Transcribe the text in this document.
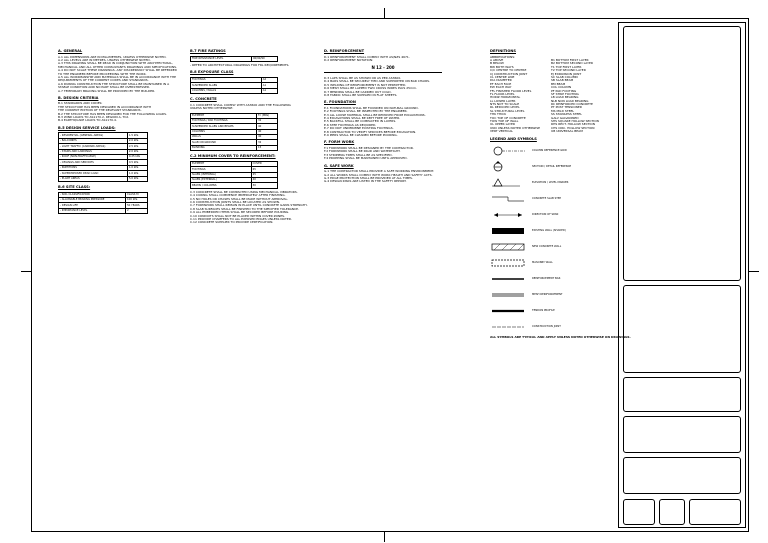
A. GENERAL
A.1 ALL DIMENSIONS ARE IN MILLIMETRES, UNLESS OTHERWISE NOTED.
A.2 ALL LEVELS ARE IN METRES, UNLESS OTHERWISE NOTED.
A.3 THIS DRAWING SHALL BE READ IN CONJUNCTION WITH ARCHITECTURAL,
MECHANICAL AND ALL OTHER CONSULTANTS DRAWINGS AND SPECIFICATIONS.
A.4 DO NOT SCALE THESE DRAWINGS. ANY DISCREPANCY SHALL BE REFERRED
TO THE ENGINEER BEFORE PROCEEDING WITH THE WORK.
A.5 ALL WORKMANSHIP AND MATERIALS SHALL BE IN ACCORDANCE WITH THE
REQUIREMENTS OF THE CURRENT CODES AND STANDARDS.
A.6 DURING CONSTRUCTION THE STRUCTURE SHALL BE MAINTAINED IN A
STABLE CONDITION AND NO PART SHALL BE OVERSTRESSED.
A.7 TEMPORARY BRACING SHALL BE PROVIDED BY THE BUILDER.
B. DESIGN CRITERIA
B.1 STANDARDS AND CODES:
THE STRUCTURE HAS BEEN DESIGNED IN ACCORDANCE WITH
THE CURRENT EDITION OF THE RELEVANT STANDARDS.
B.2 THE STRUCTURE HAS BEEN DESIGNED FOR THE FOLLOWING LOADS.
B.3 WIND LOADS TO AS1170.2, REGION A, TC2.
B.4 EARTHQUAKE LOADS TO AS1170.4.
B.5 DESIGN SERVICE LOADS:
- RESIDENTIAL (GENERAL AREAS)	1.5 kPa
- BALCONIES	2.0 kPa
- LIGHT TRAFFIC (CARPARK AREAS)	2.5 kPa
- STAIRS AND LANDINGS	2.0 kPa
- ROOF (NON-TRAFFICABLE)	0.25 kPa
- CEILINGS AND SERVICES	0.5 kPa
- PARTITIONS	1.0 kPa
- SUPERIMPOSED DEAD LOAD	1.0 kPa
- PLANT AREAS	5.0 kPa
B.6 SITE CLASS:
- SOIL CLASSIFICATION	CLASS M
- ALLOWABLE BEARING PRESSURE	100 kPa
- DESIGN LIFE	50 YEARS
- IMPORTANCE LEVEL	2
B.7 FIRE RATINGS
FIRE RESISTANCE LEVEL	90/90/90
- REFER TO ARCHITECTURAL DRAWINGS FOR FRL REQUIREMENTS.
B.8 EXPOSURE CLASS
FOOTINGS	A2
SUSPENDED SLABS	A1
COLUMNS / WALLS	A1
C. CONCRETE
C.1 CONCRETE SHALL COMPLY WITH AS3600 AND THE FOLLOWING
UNLESS NOTED OTHERWISE:
ELEMENT	f'c (MPa)
FOOTINGS / PAD FOOTINGS	32
SUSPENDED SLABS AND BEAMS	40
COLUMNS	40
WALLS	40
SLAB ON GROUND	32
BLINDING	15
C.2 MINIMUM COVER TO REINFORCEMENT:
ELEMENT	COVER
FOOTINGS	65
SLABS (INTERNAL)	25
SLABS (EXTERNAL)	40
BEAMS / COLUMNS	30
C.3 CONCRETE SHALL BE COMPACTED USING MECHANICAL VIBRATORS.
C.4 CURING SHALL COMMENCE IMMEDIATELY AFTER FINISHING.
C.5 NO HOLES OR CHASES SHALL BE MADE WITHOUT APPROVAL.
C.6 CONSTRUCTION JOINTS SHALL BE LOCATED AS SHOWN.
C.7 FORMWORK SHALL REMAIN IN PLACE UNTIL CONCRETE GAINS STRENGTH.
C.8 SLAB SURFACES SHALL BE FINISHED TO THE SPECIFIED TOLERANCE.
C.9 ALL EMBEDDED ITEMS SHALL BE SECURED BEFORE POURING.
C.10 CONDUITS SHALL NOT BE PLACED WITHIN COVER ZONES.
C.11 PROVIDE CHAMFERS TO ALL EXPOSED EDGES UNLESS NOTED.
C.12 CONCRETE SUPPLIER TO PROVIDE CERTIFICATION.
D. REINFORCEMENT
D.1 REINFORCEMENT SHALL COMPLY WITH AS/NZS 4671.
D.2 REINFORCEMENT NOTATION:
N 12 - 200
D.3 LAPS SHALL BE AS SHOWN OR AS PER AS3600.
D.4 BARS SHALL BE SECURELY TIED AND SUPPORTED ON BAR CHAIRS.
D.5 WELDING OF REINFORCEMENT IS NOT PERMITTED.
D.6 MESH SHALL BE LAPPED TWO CROSS WIRES PLUS 25mm.
D.7 BENDING SHALL BE CARRIED OUT COLD.
D.8 FABRIC SHALL BE SUPPLIED IN FLAT SHEETS.
E. FOUNDATION
E.1 FOUNDATIONS SHALL BE FOUNDED ON NATURAL GROUND.
E.2 FOOTINGS SHALL BE INSPECTED BY THE ENGINEER.
E.3 ALL LOOSE MATERIAL SHALL BE REMOVED FROM EXCAVATIONS.
E.4 EXCAVATIONS SHALL BE KEPT FREE OF WATER.
E.5 BACKFILL SHALL BE COMPACTED IN LAYERS.
E.6 STEP FOOTINGS AS REQUIRED.
E.7 DO NOT UNDERMINE EXISTING FOOTINGS.
E.8 CONTRACTOR TO VERIFY SERVICES BEFORE EXCAVATION.
E.9 PIERS SHALL BE CLEANED BEFORE POURING.
F. FORM WORK
F.1 FORMWORK SHALL BE DESIGNED BY THE CONTRACTOR.
F.2 FORMWORK SHALL BE RIGID AND WATERTIGHT.
F.3 STRIPPING TIMES SHALL BE AS SPECIFIED.
F.4 PROPPING SHALL BE MAINTAINED UNTIL APPROVED.
G. SAFE WORK
G.1 THE CONTRACTOR SHALL PROVIDE A SAFE WORKING ENVIRONMENT.
G.2 ALL WORKS SHALL COMPLY WITH WORK HEALTH AND SAFETY ACTS.
G.3 EDGE PROTECTION SHALL BE PROVIDED AT ALL TIMES.
G.4 DESIGN RISKS ARE LISTED IN THE SAFETY REPORT.
DEFINITIONS
ABBREVIATIONS:
A ABOVE
B BELOW
BW BOTH WAYS
C/C CENTRE TO CENTRE
CJ CONSTRUCTION JOINT
CL CENTRE LINE
DIA DIAMETER
EF EACH FACE
EW EACH WAY
FFL FINISHED FLOOR LEVEL
FL FLOOR LEVEL
HORIZ HORIZONTAL
LL LOWER LAYER
NTS NOT TO SCALE
RL REDUCED LEVEL
SL STRUCTURAL LEVEL
THK THICK
TOC TOP OF CONCRETE
TOW TOP OF WALL
UL UPPER LAYER
UNO UNLESS NOTED OTHERWISE
VERT VERTICAL
B1 BOTTOM FIRST LAYER
B2 BOTTOM SECOND LAYER
T1 TOP FIRST LAYER
T2 TOP SECOND LAYER
EJ EXPANSION JOINT
SC SLAB COLUMN
SB SLAB BEAM
BM BEAM
COL COLUMN
PF PAD FOOTING
SF STRIP FOOTING
LB LOAD BEARING
NLB NON LOAD BEARING
RC REINFORCED CONCRETE
PT POST TENSIONED
MS MILD STEEL
SS STAINLESS STEEL
GALV GALVANISED
SHS SQUARE HOLLOW SECTION
RHS RECT. HOLLOW SECTION
CHS CIRC. HOLLOW SECTION
UB UNIVERSAL BEAM
LEGEND AND SYMBOLS
COLUMN REFERENCE GRID
SECTION / DETAIL REFERENCE
ELEVATION / LEVEL MARKER
CONCRETE SLAB STEP
DIRECTION OF SPAN
EXISTING WALL (SHADED)
NEW CONCRETE WALL
MASONRY WALL
REINFORCEMENT BAR
MESH REINFORCEMENT
TENDON PROFILE
CONSTRUCTION JOINT
ALL SYMBOLS ARE TYPICAL AND APPLY UNLESS NOTED OTHERWISE ON DRAWINGS.
